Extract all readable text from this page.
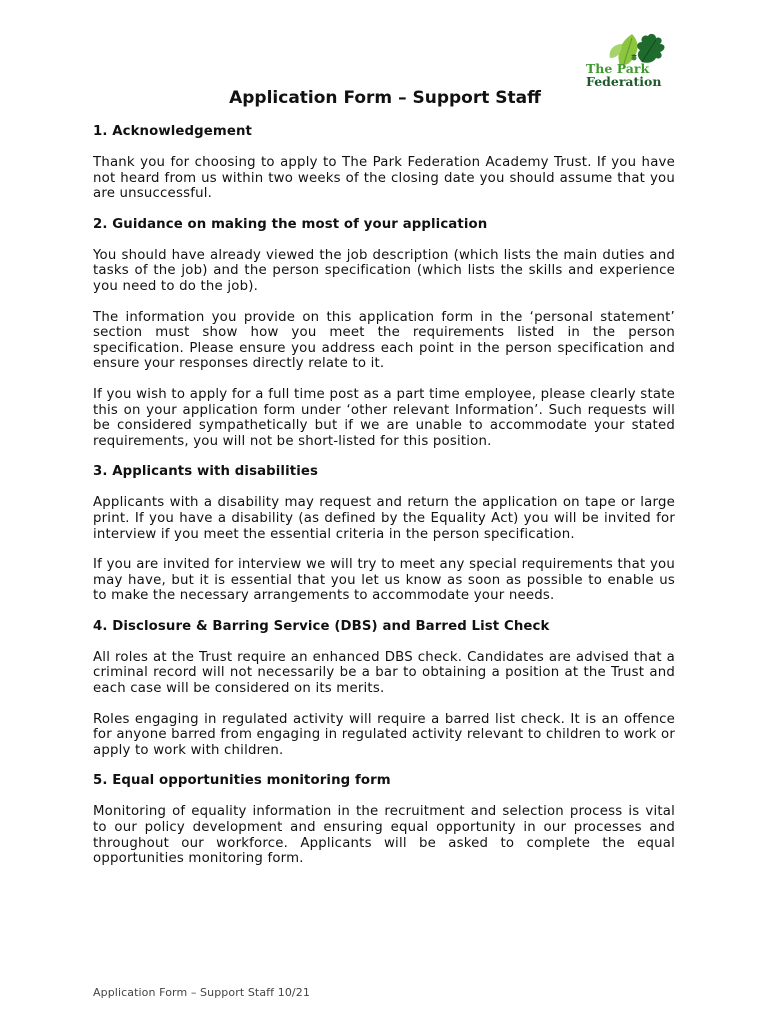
The Park
Federation
Application Form – Support Staff
1. Acknowledgement

Thank you for choosing to apply to The Park Federation Academy Trust. If you have not heard from us within two weeks of the closing date you should assume that you are unsuccessful.

2. Guidance on making the most of your application

You should have already viewed the job description (which lists the main duties and tasks of the job) and the person specification (which lists the skills and experience you need to do the job).

The information you provide on this application form in the ‘personal statement’ section must show how you meet the requirements listed in the person specification. Please ensure you address each point in the person specification and ensure your responses directly relate to it.

If you wish to apply for a full time post as a part time employee, please clearly state this on your application form under ‘other relevant Information’. Such requests will be considered sympathetically but if we are unable to accommodate your stated requirements, you will not be short-listed for this position.

3. Applicants with disabilities

Applicants with a disability may request and return the application on tape or large print. If you have a disability (as defined by the Equality Act) you will be invited for interview if you meet the essential criteria in the person specification.

If you are invited for interview we will try to meet any special requirements that you may have, but it is essential that you let us know as soon as possible to enable us to make the necessary arrangements to accommodate your needs.

4. Disclosure & Barring Service (DBS) and Barred List Check

All roles at the Trust require an enhanced DBS check. Candidates are advised that a criminal record will not necessarily be a bar to obtaining a position at the Trust and each case will be considered on its merits.

Roles engaging in regulated activity will require a barred list check. It is an offence for anyone barred from engaging in regulated activity relevant to children to work or apply to work with children.

5. Equal opportunities monitoring form

Monitoring of equality information in the recruitment and selection process is vital to our policy development and ensuring equal opportunity in our processes and throughout our workforce. Applicants will be asked to complete the equal opportunities monitoring form.

Application Form – Support Staff 10/21
